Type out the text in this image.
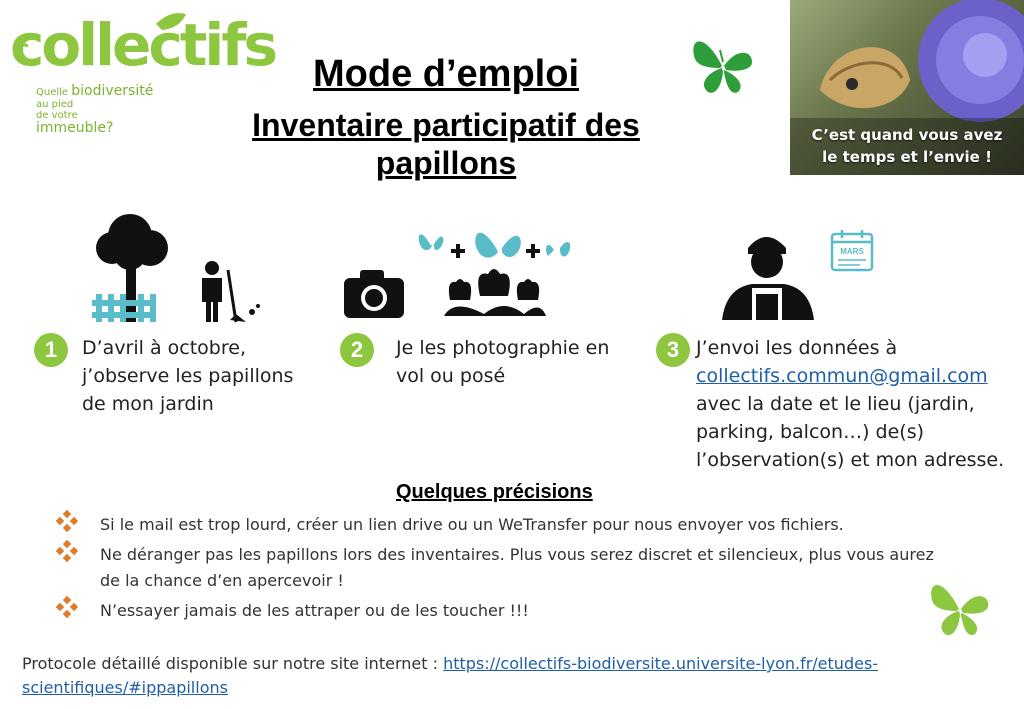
collectifs
Quelle biodiversité au pied
de votre immeuble?
Mode d’emploi
Inventaire participatif des papillons
C’est quand vous avez
le temps et l’envie !
MARS
1	D’avril à octobre,
j’observe les papillons
de mon jardin
2	Je les photographie en
vol ou posé
3 J’envoi les données à
collectifs.commun@gmail.com
avec la date et le lieu (jardin,
parking, balcon…) de(s)
l’observation(s) et mon adresse.
Quelques précisions
Si le mail est trop lourd, créer un lien drive ou un WeTransfer pour nous envoyer vos fichiers.
Ne déranger pas les papillons lors des inventaires. Plus vous serez discret et silencieux, plus vous aurez de la chance d’en apercevoir !
N’essayer jamais de les attraper ou de les toucher !!!
Protocole détaillé disponible sur notre site internet : https://collectifs-biodiversite.universite-lyon.fr/etudes-scientifiques/#ippapillons
